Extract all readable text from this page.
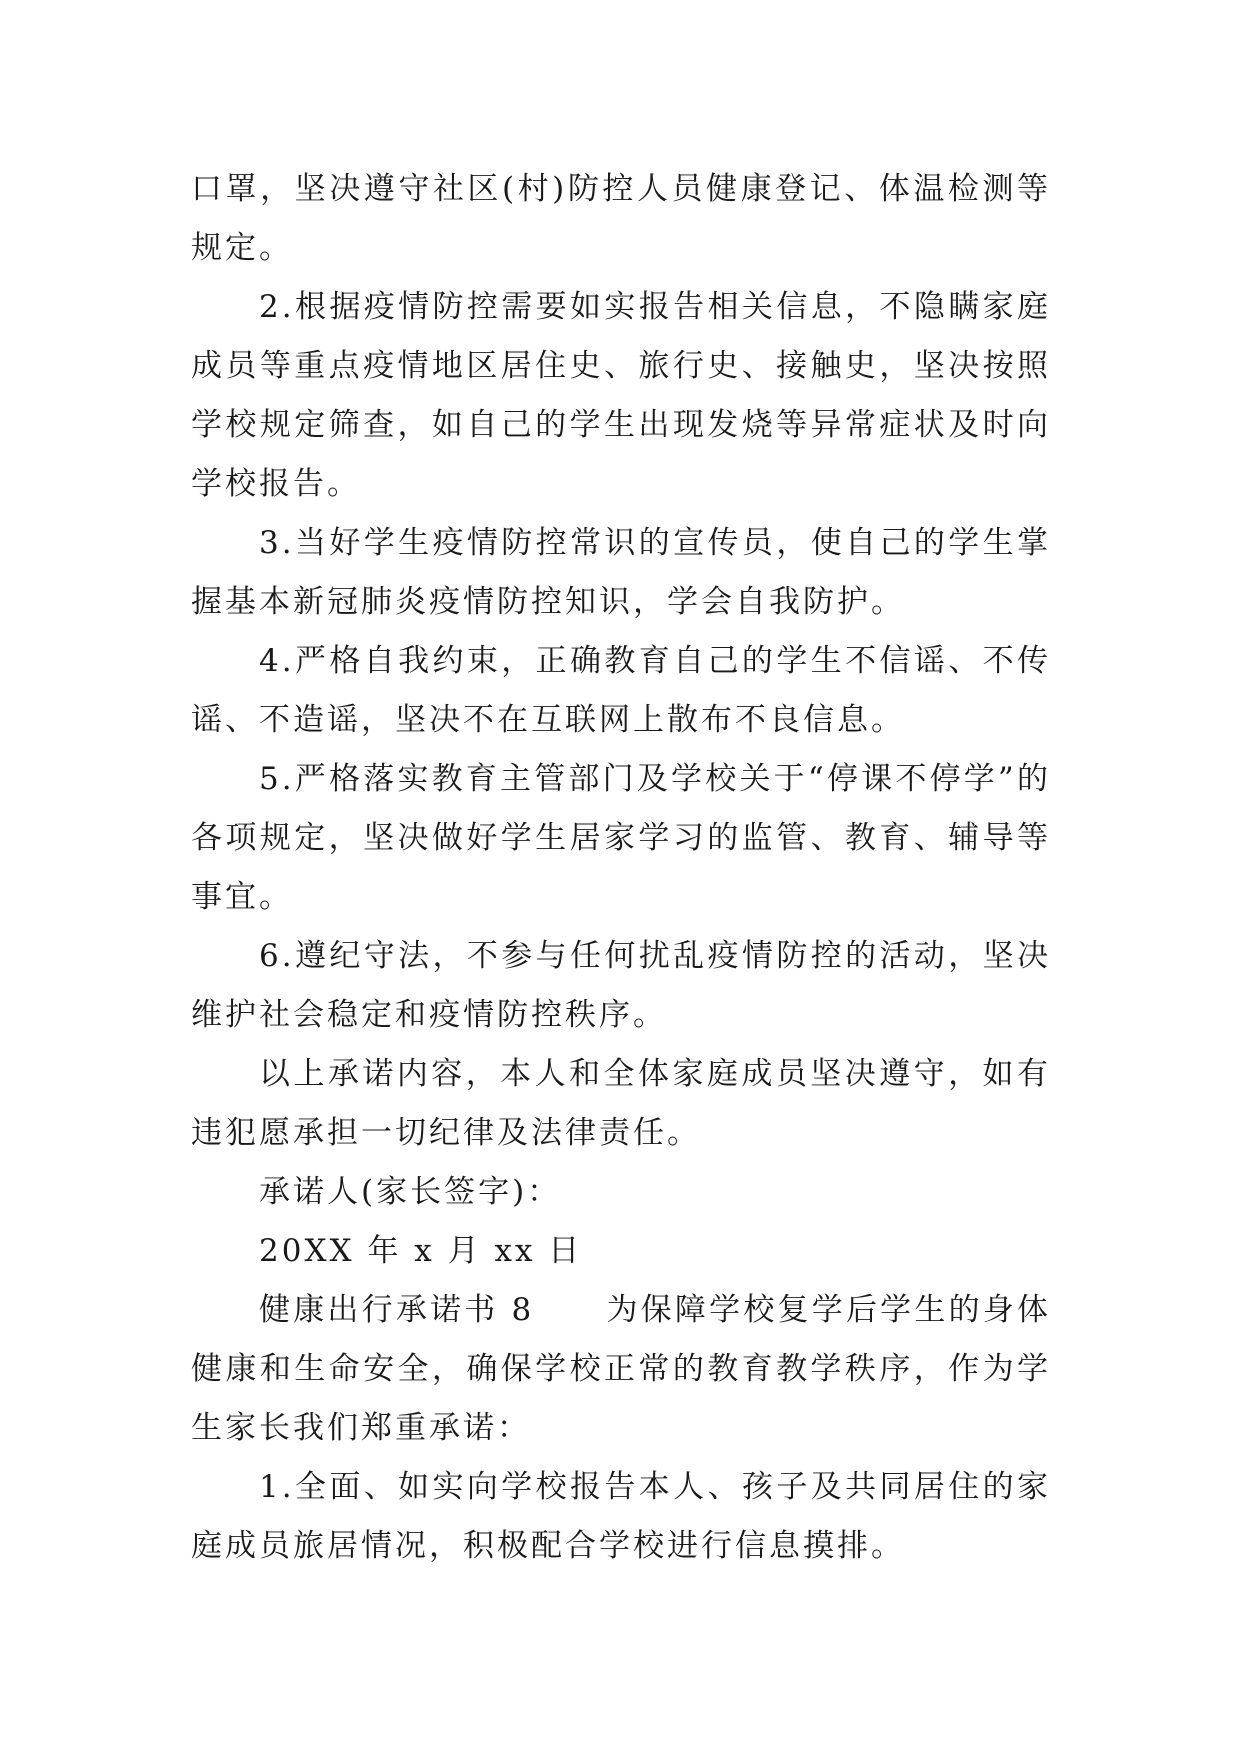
口罩，坚决遵守社区(村)防控人员健康登记、体温检测等规定。

2.根据疫情防控需要如实报告相关信息，不隐瞒家庭成员等重点疫情地区居住史、旅行史、接触史，坚决按照学校规定筛查，如自己的学生出现发烧等异常症状及时向学校报告。

3.当好学生疫情防控常识的宣传员，使自己的学生掌握基本新冠肺炎疫情防控知识，学会自我防护。

4.严格自我约束，正确教育自己的学生不信谣、不传谣、不造谣，坚决不在互联网上散布不良信息。

5.严格落实教育主管部门及学校关于“停课不停学”的各项规定，坚决做好学生居家学习的监管、教育、辅导等事宜。

6.遵纪守法，不参与任何扰乱疫情防控的活动，坚决维护社会稳定和疫情防控秩序。

以上承诺内容，本人和全体家庭成员坚决遵守，如有违犯愿承担一切纪律及法律责任。

承诺人(家长签字)：

20XX 年 x 月 xx 日

健康出行承诺书 8 为保障学校复学后学生的身体健康和生命安全，确保学校正常的教育教学秩序，作为学生家长我们郑重承诺：

1.全面、如实向学校报告本人、孩子及共同居住的家庭成员旅居情况，积极配合学校进行信息摸排。
